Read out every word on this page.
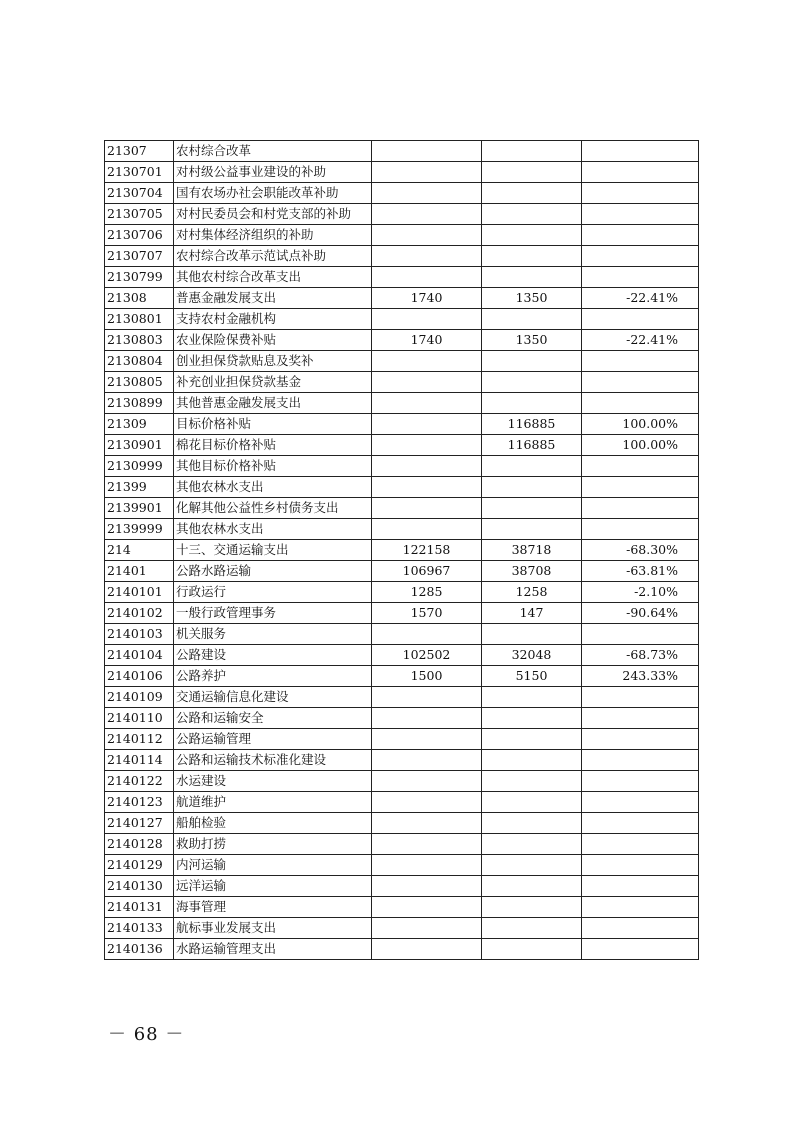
21307	农村综合改革			
2130701	对村级公益事业建设的补助			
2130704	国有农场办社会职能改革补助			
2130705	对村民委员会和村党支部的补助			
2130706	对村集体经济组织的补助			
2130707	农村综合改革示范试点补助			
2130799	其他农村综合改革支出			
21308	普惠金融发展支出	1740	1350	-22.41%
2130801	支持农村金融机构			
2130803	农业保险保费补贴	1740	1350	-22.41%
2130804	创业担保贷款贴息及奖补			
2130805	补充创业担保贷款基金			
2130899	其他普惠金融发展支出			
21309	目标价格补贴		116885	100.00%
2130901	棉花目标价格补贴		116885	100.00%
2130999	其他目标价格补贴			
21399	其他农林水支出			
2139901	化解其他公益性乡村债务支出			
2139999	其他农林水支出			
214	十三、交通运输支出	122158	38718	-68.30%
21401	公路水路运输	106967	38708	-63.81%
2140101	行政运行	1285	1258	-2.10%
2140102	一般行政管理事务	1570	147	-90.64%
2140103	机关服务			
2140104	公路建设	102502	32048	-68.73%
2140106	公路养护	1500	5150	243.33%
2140109	交通运输信息化建设			
2140110	公路和运输安全			
2140112	公路运输管理			
2140114	公路和运输技术标准化建设			
2140122	水运建设			
2140123	航道维护			
2140127	船舶检验			
2140128	救助打捞			
2140129	内河运输			
2140130	远洋运输			
2140131	海事管理			
2140133	航标事业发展支出			
2140136	水路运输管理支出			
－ 68 －
